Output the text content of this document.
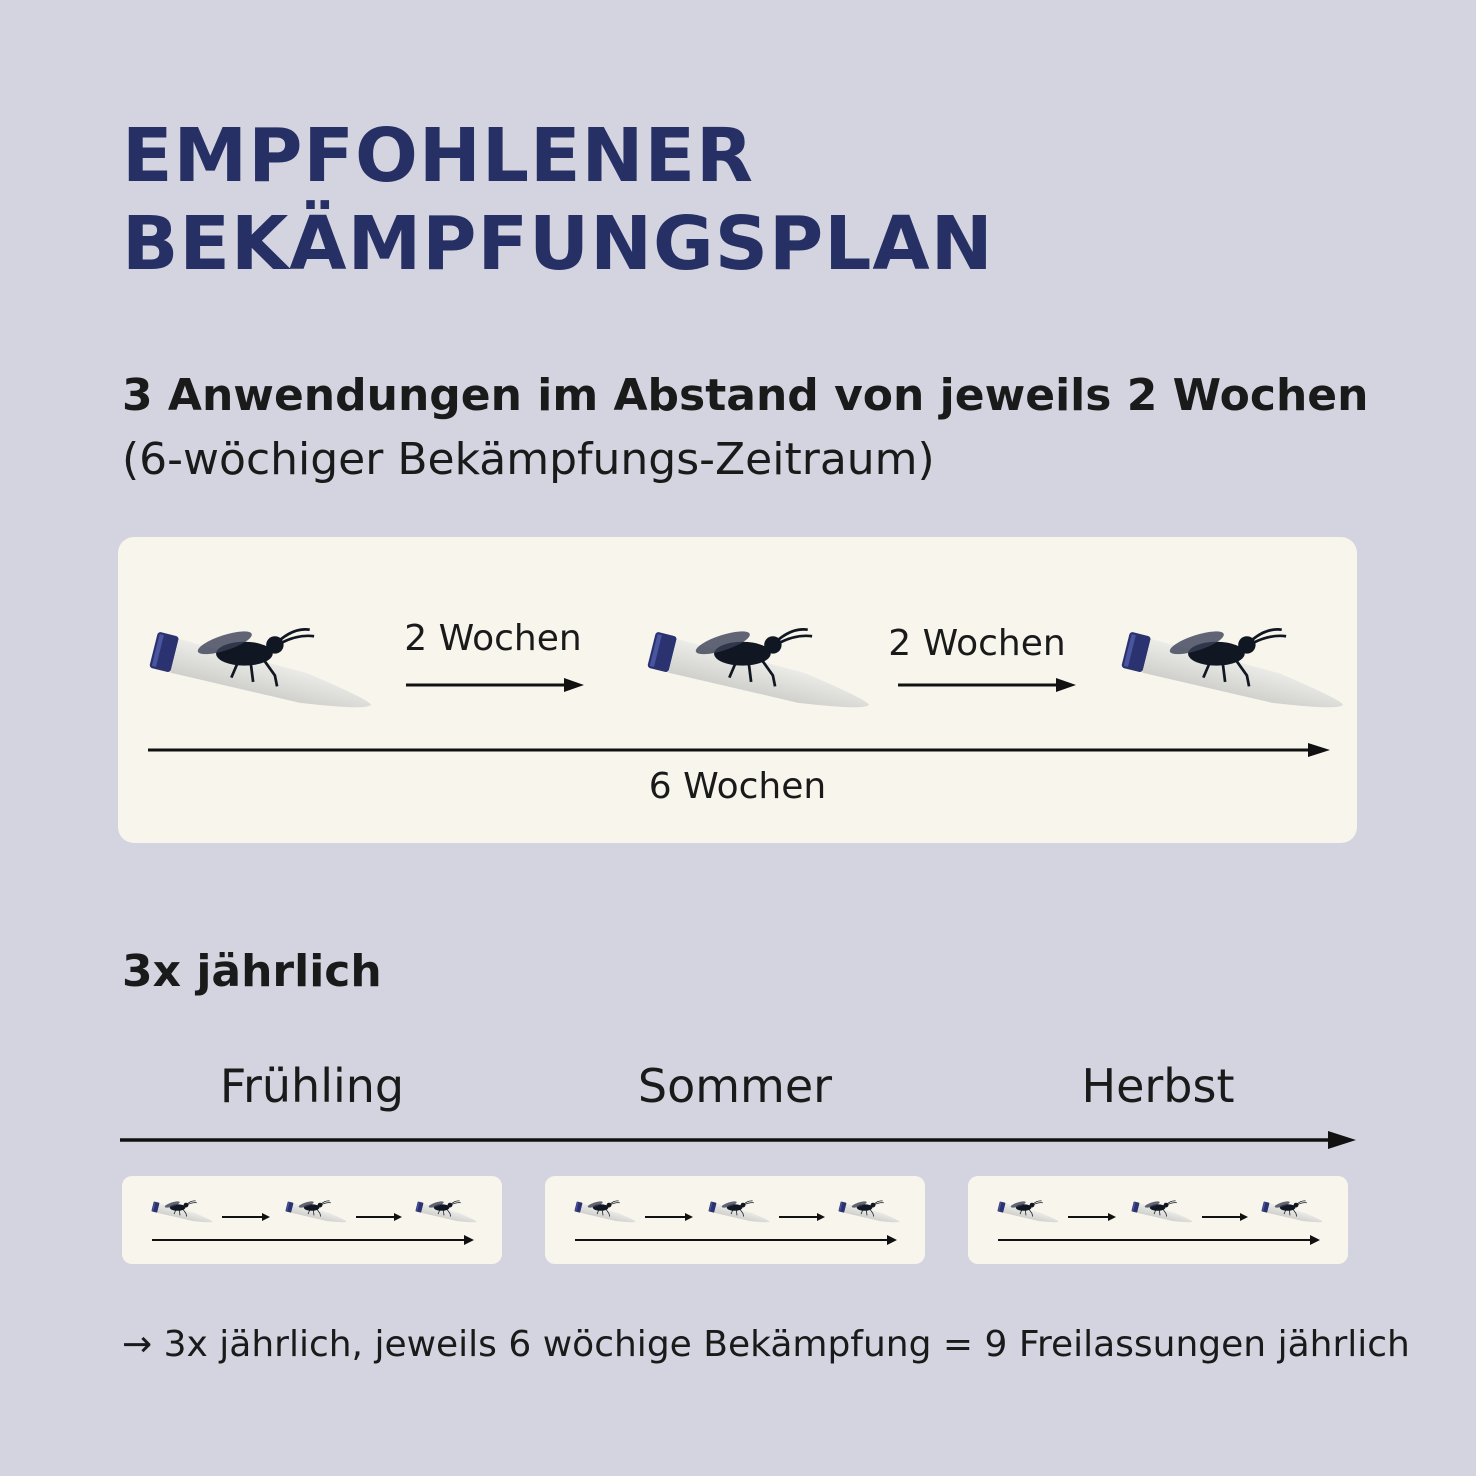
EMPFOHLENER
BEKÄMPFUNGSPLAN
3 Anwendungen im Abstand von jeweils 2 Wochen
(6-wöchiger Bekämpfungs-Zeitraum)
2 Wochen	2 Wochen
6 Wochen
3x jährlich
Frühling	Sommer	Herbst

→ 3x jährlich, jeweils 6 wöchige Bekämpfung = 9 Freilassungen jährlich
